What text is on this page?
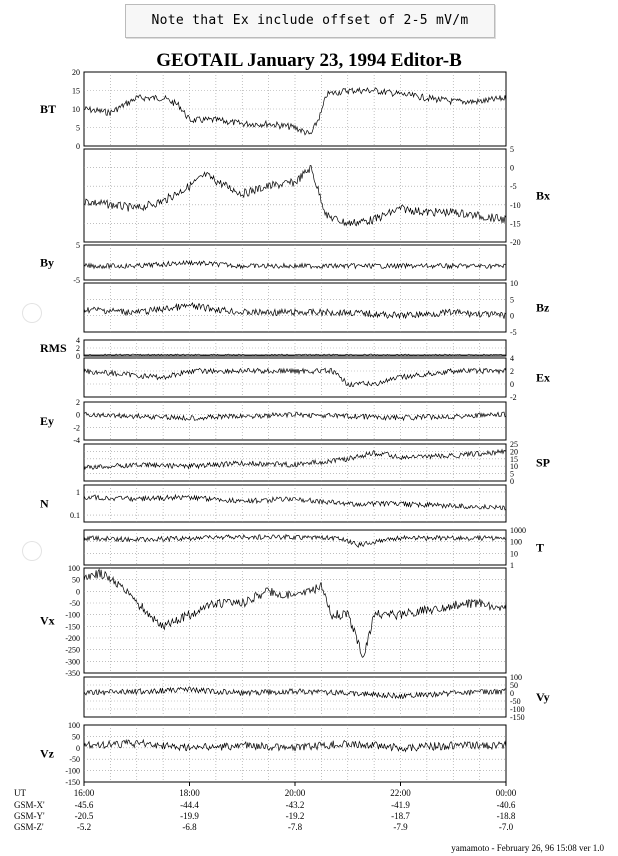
Note that Ex include offset of 2-5 mV/m
GEOTAIL January 23, 1994 Editor-B
0
5
10
15
20
BT
-20
-15
-10
-5
0
5
Bx
-5
5
By
-5
0
5
10
Bz
0
2
4
RMS
-2
0
2
4
Ex
-4
-2
0
2
Ey
0
5
10
15
20
25
SP
0.1
1
N
1
10
100
1000
T
-350
-300
-250
-200
-150
-100
-50
0
50
100
Vx
-150
-100
-50
0
50
100
Vy
-150
-100
-50
0
50
100
Vz
UT
GSM-X'
GSM-Y'
GSM-Z'
16:00
-45.6
-20.5
-5.2
18:00
-44.4
-19.9
-6.8
20:00
-43.2
-19.2
-7.8
22:00
-41.9
-18.7
-7.9
00:00
-40.6
-18.8
-7.0
yamamoto - February 26, 96 15:08 ver 1.0
